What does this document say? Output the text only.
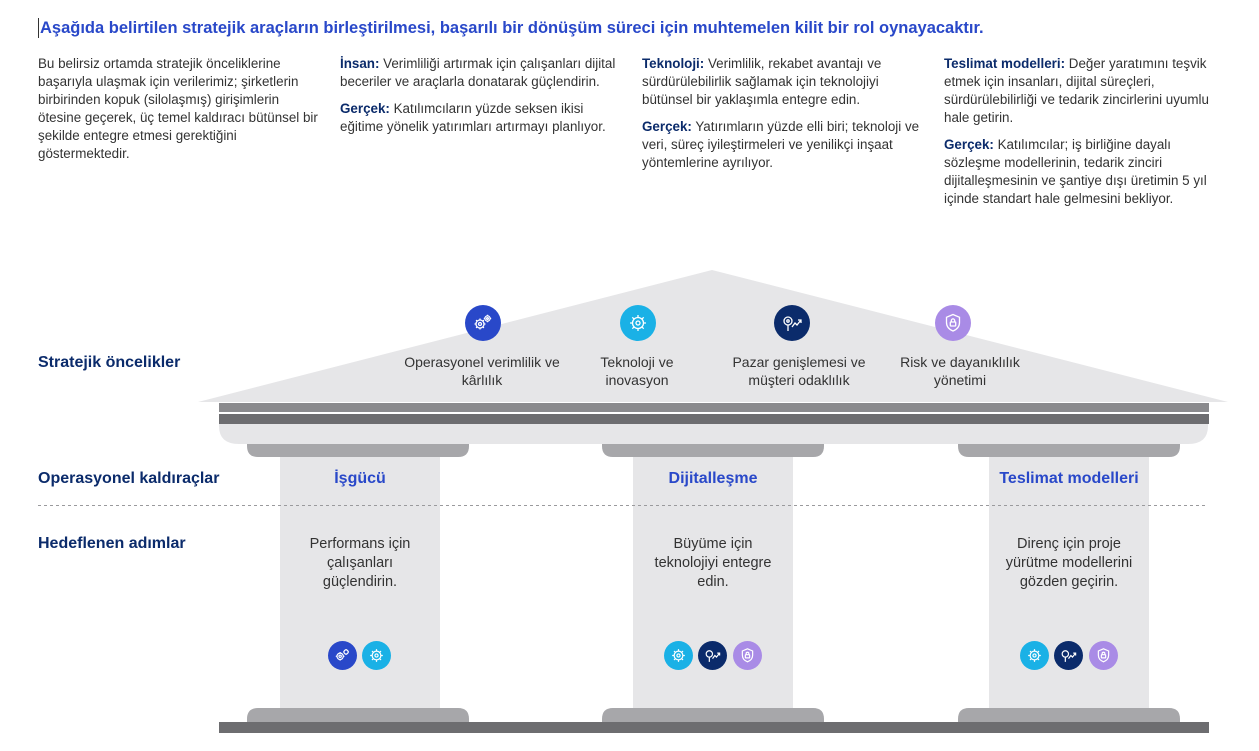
Aşağıda belirtilen stratejik araçların birleştirilmesi, başarılı bir dönüşüm süreci için muhtemelen kilit bir rol oynayacaktır.

Bu belirsiz ortamda stratejik önceliklerine başarıyla ulaşmak için verilerimiz; şirketlerin birbirinden kopuk (silolaşmış) girişimlerin ötesine geçerek, üç temel kaldıracı bütünsel bir şekilde entegre etmesi gerektiğini göstermektedir.

İnsan: Verimliliği artırmak için çalışanları dijital beceriler ve araçlarla donatarak güçlendirin.

Gerçek: Katılımcıların yüzde seksen ikisi eğitime yönelik yatırımları artırmayı planlıyor.

Teknoloji: Verimlilik, rekabet avantajı ve sürdürülebilirlik sağlamak için teknolojiyi bütünsel bir yaklaşımla entegre edin.

Gerçek: Yatırımların yüzde elli biri; teknoloji ve veri, süreç iyileştirmeleri ve yenilikçi inşaat yöntemlerine ayrılıyor.

Teslimat modelleri: Değer yaratımını teşvik etmek için insanları, dijital süreçleri, sürdürülebilirliği ve tedarik zincirlerini uyumlu hale getirin.

Gerçek: Katılımcılar; iş birliğine dayalı sözleşme modellerinin, tedarik zinciri dijitalleşmesinin ve şantiye dışı üretimin 5 yıl içinde standart hale gelmesini bekliyor.

Stratejik öncelikler
Operasyonel kaldıraçlar
Hedeflenen adımlar
Operasyonel verimlilik ve kârlılık
Teknoloji ve inovasyon
Pazar genişlemesi ve müşteri odaklılık
Risk ve dayanıklılık yönetimi
İşgücü	Dijitalleşme	Teslimat modelleri
Performans için çalışanları güçlendirin.
Büyüme için teknolojiyi entegre edin.
Direnç için proje yürütme modellerini gözden geçirin.
